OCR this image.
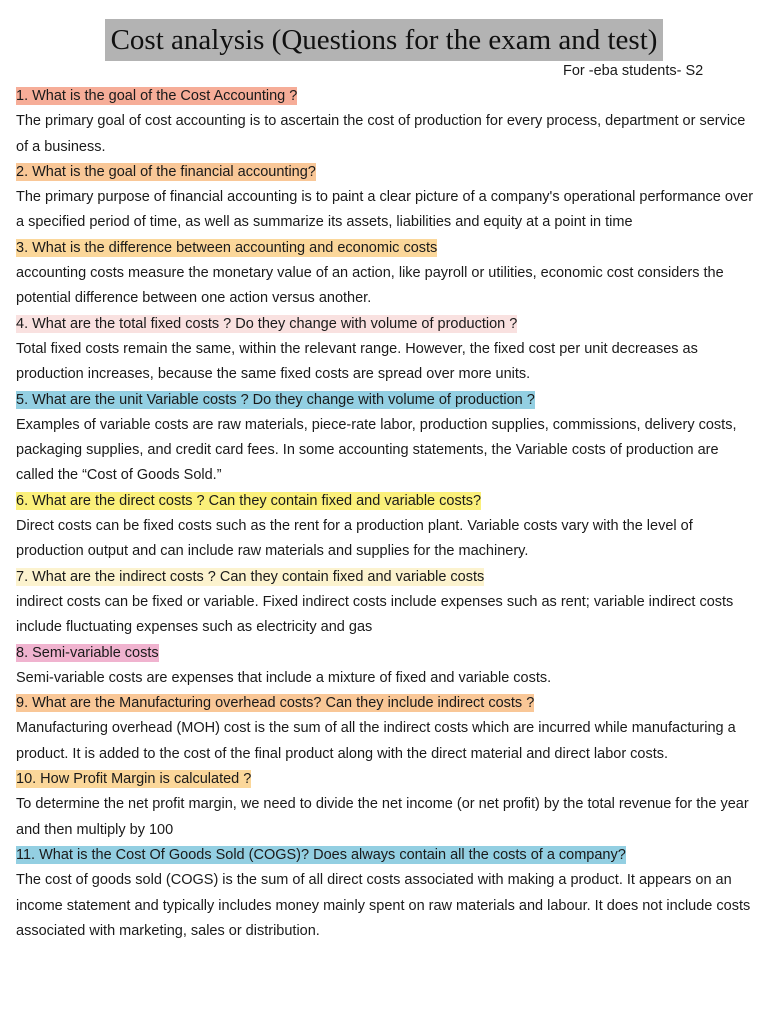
Cost analysis (Questions for the exam and test)
For -eba students- S2
1. What is the goal of the Cost Accounting ?

The primary goal of cost accounting is to ascertain the cost of production for every process, department or service of a business.

2. What is the goal of the financial accounting?

The primary purpose of financial accounting is to paint a clear picture of a company's operational performance over a specified period of time, as well as summarize its assets, liabilities and equity at a point in time

3. What is the difference between accounting and economic costs

accounting costs measure the monetary value of an action, like payroll or utilities, economic cost considers the potential difference between one action versus another.

4. What are the total fixed costs ? Do they change with volume of production ?

Total fixed costs remain the same, within the relevant range. However, the fixed cost per unit decreases as production increases, because the same fixed costs are spread over more units.

5. What are the unit Variable costs ? Do they change with volume of production ?

Examples of variable costs are raw materials, piece-rate labor, production supplies, commissions, delivery costs, packaging supplies, and credit card fees. In some accounting statements, the Variable costs of production are called the “Cost of Goods Sold.”

6. What are the direct costs ? Can they contain fixed and variable costs?

Direct costs can be fixed costs such as the rent for a production plant. Variable costs vary with the level of production output and can include raw materials and supplies for the machinery.

7. What are the indirect costs ? Can they contain fixed and variable costs

indirect costs can be fixed or variable. Fixed indirect costs include expenses such as rent; variable indirect costs include fluctuating expenses such as electricity and gas

8. Semi-variable costs

Semi-variable costs are expenses that include a mixture of fixed and variable costs.

9. What are the Manufacturing overhead costs? Can they include indirect costs ?

Manufacturing overhead (MOH) cost is the sum of all the indirect costs which are incurred while manufacturing a product. It is added to the cost of the final product along with the direct material and direct labor costs.

10. How Profit Margin is calculated ?

To determine the net profit margin, we need to divide the net income (or net profit) by the total revenue for the year and then multiply by 100

11. What is the Cost Of Goods Sold (COGS)? Does always contain all the costs of a company?

The cost of goods sold (COGS) is the sum of all direct costs associated with making a product. It appears on an income statement and typically includes money mainly spent on raw materials and labour. It does not include costs associated with marketing, sales or distribution.
